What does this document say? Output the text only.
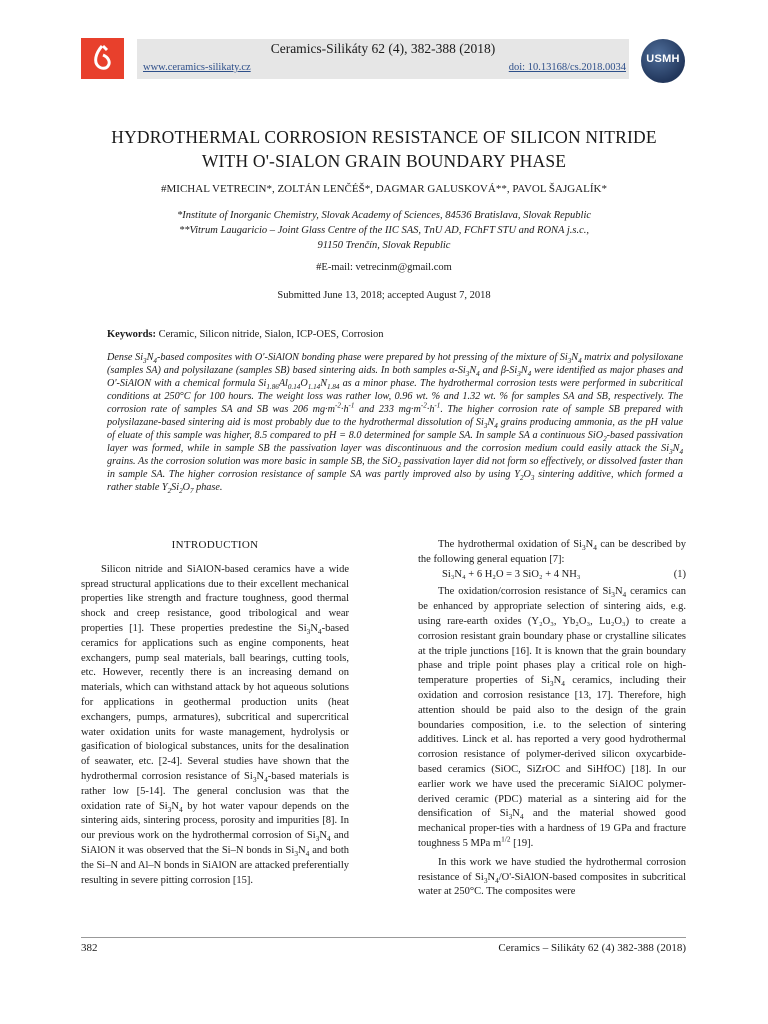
Ceramics-Silikáty 62 (4), 382-388 (2018)
www.ceramics-silikaty.cz	doi: 10.13168/cs.2018.0034
USMH
HYDROTHERMAL CORROSION RESISTANCE OF SILICON NITRIDE
WITH O'-SIALON GRAIN BOUNDARY PHASE
#MICHAL VETRECIN*, ZOLTÁN LENČÉŠ*, DAGMAR GALUSKOVÁ**, PAVOL ŠAJGALÍK*
*Institute of Inorganic Chemistry, Slovak Academy of Sciences, 84536 Bratislava, Slovak Republic
**Vitrum Laugaricio – Joint Glass Centre of the IIC SAS, TnU AD, FChFT STU and RONA j.s.c.,
91150 Trenčín, Slovak Republic
#E-mail: vetrecinm@gmail.com
Submitted June 13, 2018; accepted August 7, 2018
Keywords: Ceramic, Silicon nitride, Sialon, ICP-OES, Corrosion
Dense $Si_3N_4$-based composites with O'-SiAlON bonding phase were prepared by hot pressing of the mixture of $Si_3N_4$ matrix and polysiloxane (samples SA) and polysilazane (samples SB) based sintering aids. In both samples $\alpha-Si_3N_4$ and $\beta-Si_3N_4$ were identified as major phases and O'-SiAlON with a chemical formula $Si_{1.86}Al_{0.14}O_{1.14}N_{1.84}$ as a minor phase. The hydrothermal corrosion tests were performed in subcritical conditions at 250°C for 100 hours. The weight loss was rather low, 0.96 wt. % and 1.32 wt. % for samples SA and SB, respectively. The corrosion rate of samples SA and SB was 206 $mg\cdot m^{-2}\cdot h^{-1}$ and 233 $mg\cdot m^{-2}\cdot h^{-1}$. The higher corrosion rate of sample SB prepared with polysilazane-based sintering aid is most probably due to the hydrothermal dissolution of $Si_3N_4$ grains producing ammonia, as the pH value of eluate of this sample was higher, 8.5 compared to pH = 8.0 determined for sample SA. In sample SA a continuous SiO$_2$-based passivation layer was formed, while in sample SB the passivation layer was discontinuous and the corrosion medium could easily attack the $Si_3N_4$ grains. As the corrosion solution was more basic in sample SB, the SiO$_2$ passivation layer did not form so effectively, or dissolved faster than in sample SA. The higher corrosion resistance of sample SA was partly improved also by using $Y_2O_3$ sintering additive, which formed a rather stable $Y_2Si_2O_7$ phase.

INTRODUCTION

Silicon nitride and SiAlON-based ceramics have a wide spread structural applications due to their excellent mechanical properties like strength and fracture toughness, good thermal shock and creep resistance, good tribological and wear properties [1]. These properties predestine the $Si_3N_4$-based ceramics for applications such as engine components, heat exchangers, pump seal materials, ball bearings, cutting tools, etc. However, recently there is an increasing demand on materials, which can withstand attack by hot aqueous solutions for applications in geothermal production units (heat exchangers, pumps, armatures), subcritical and supercritical water oxidation units for waste management, hydrolysis or gasification of biological substances, units for the desalination of seawater, etc. [2-4]. Several studies have shown that the hydrothermal corrosion resistance of $Si_3N_4$-based materials is rather low [5-14]. The general conclusion was that the oxidation rate of $Si_3N_4$ by hot water vapour depends on the sintering aids, sintering process, porosity and impurities [8]. In our previous work on the hydrothermal corrosion of $Si_3N_4$ and SiAlON it was observed that the Si–N bonds in $Si_3N_4$ and both the Si–N and Al–N bonds in SiAlON are attacked preferentially resulting in severe pitting corrosion [15].

The hydrothermal oxidation of $Si_3N_4$ can be described by the following general equation [7]:

Si₃N₄ + 6 H₂O = 3 SiO₂ + 4 NH₃	(1)

The oxidation/corrosion resistance of $Si_3N_4$ ceramics can be enhanced by appropriate selection of sintering aids, e.g. using rare-earth oxides (Y₂O₃, Yb₂O₃, Lu₂O₃) to create a corrosion resistant grain boundary phase or crystalline silicates at the triple junctions [16]. It is known that the grain boundary phase and triple point phases play a critical role on high-temperature properties of $Si_3N_4$ ceramics, including their oxidation and corrosion resistance [13, 17]. Therefore, high attention should be paid also to the design of the grain boundaries composition, i.e. to the selection of sintering additives. Linck et al. has reported a very good hydrothermal corrosion resistance of polymer-derived silicon oxycarbide-based ceramics (SiOC, SiZrOC and SiHfOC) [18]. In our earlier work we have used the preceramic SiAlOC polymer-derived ceramic (PDC) material as a sintering aid for the densification of $Si_3N_4$ and the material showed good mechanical proper-ties with a hardness of 19 GPa and fracture toughness 5 MPa $m^{1/2}$ [19].

In this work we have studied the hydrothermal corrosion resistance of $Si_3N_4/O'-SiAlON$-based composites in subcritical water at 250°C. The composites were

382	Ceramics – Silikáty 62 (4) 382-388 (2018)
